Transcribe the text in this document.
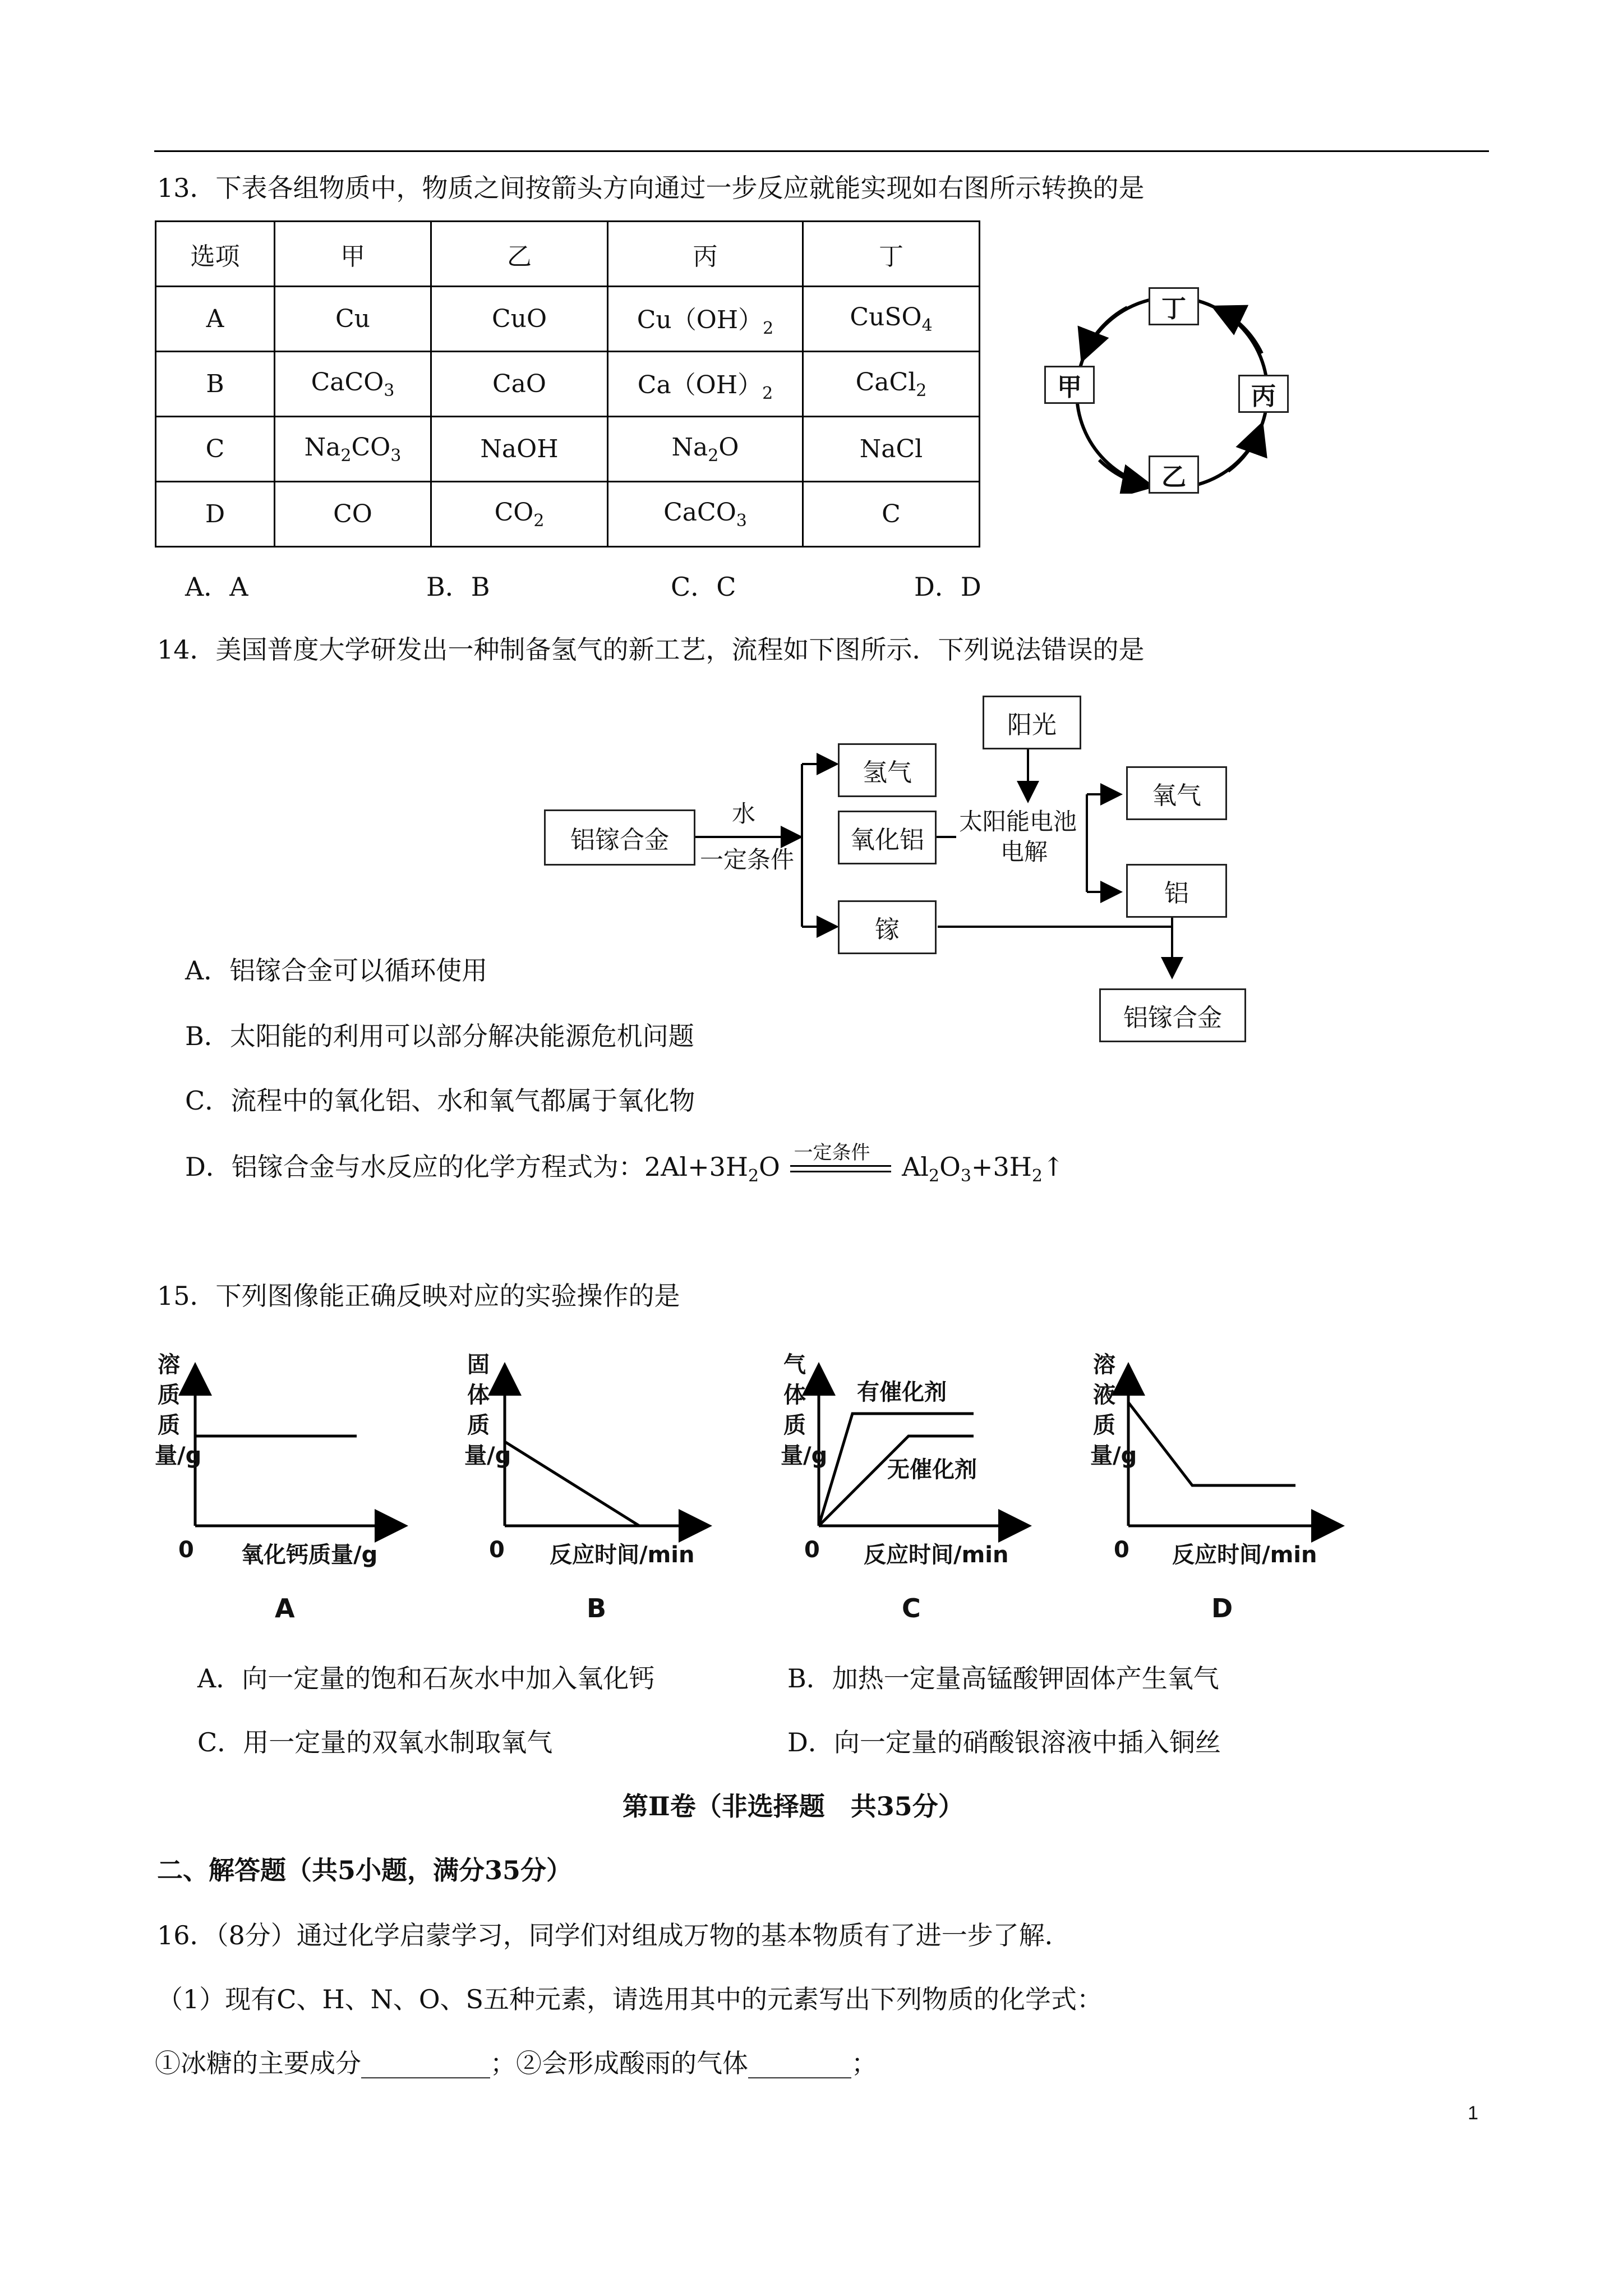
13．下表各组物质中，物质之间按箭头方向通过一步反应就能实现如右图所示转换的是
选项	甲	乙	丙	丁
A	Cu	CuO	$Cu(OH)_2$	CuSO$_4$
B	CaCO$_3$	CaO	$Ca(OH)_2$	CaCl$_2$
C	$Na_2CO_3$	NaOH	$Na_2O$	NaCl
D	CO	$CO_2$	CaCO$_3$	C
丁
甲	丙
乙
A．A	B．B	C．C	D．D
14．美国普度大学研发出一种制备氢气的新工艺，流程如下图所示．下列说法错误的是
铝镓合金
水
一定条件
氢气
氧化铝
镓
阳光
太阳能电池
电解
氧气
铝
铝镓合金
A．铝镓合金可以循环使用
B．太阳能的利用可以部分解决能源危机问题
C．流程中的氧化铝、水和氧气都属于氧化物
D．铝镓合金与水反应的化学方程式为：$2Al+3H_2O$ 一定条件 $Al_2O_3+3H_2↑$
15．下列图像能正确反映对应的实验操作的是
溶质质量/g
0 氧化钙质量/g
A
固体质量/g
0 反应时间/min
B
气体质量/g
0 反应时间/min
有催化剂
无催化剂
C
溶液质量/g
0 反应时间/min
D
A．向一定量的饱和石灰水中加入氧化钙	B．加热一定量高锰酸钾固体产生氧气
C．用一定量的双氧水制取氧气	D．向一定量的硝酸银溶液中插入铜丝
第Ⅱ卷（非选择题　共35分）
二、解答题（共5小题，满分35分）
16．（8分）通过化学启蒙学习，同学们对组成万物的基本物质有了进一步了解．
（1）现有C、H、N、O、S五种元素，请选用其中的元素写出下列物质的化学式：
①冰糖的主要成分__________；②会形成酸雨的气体________；
1
